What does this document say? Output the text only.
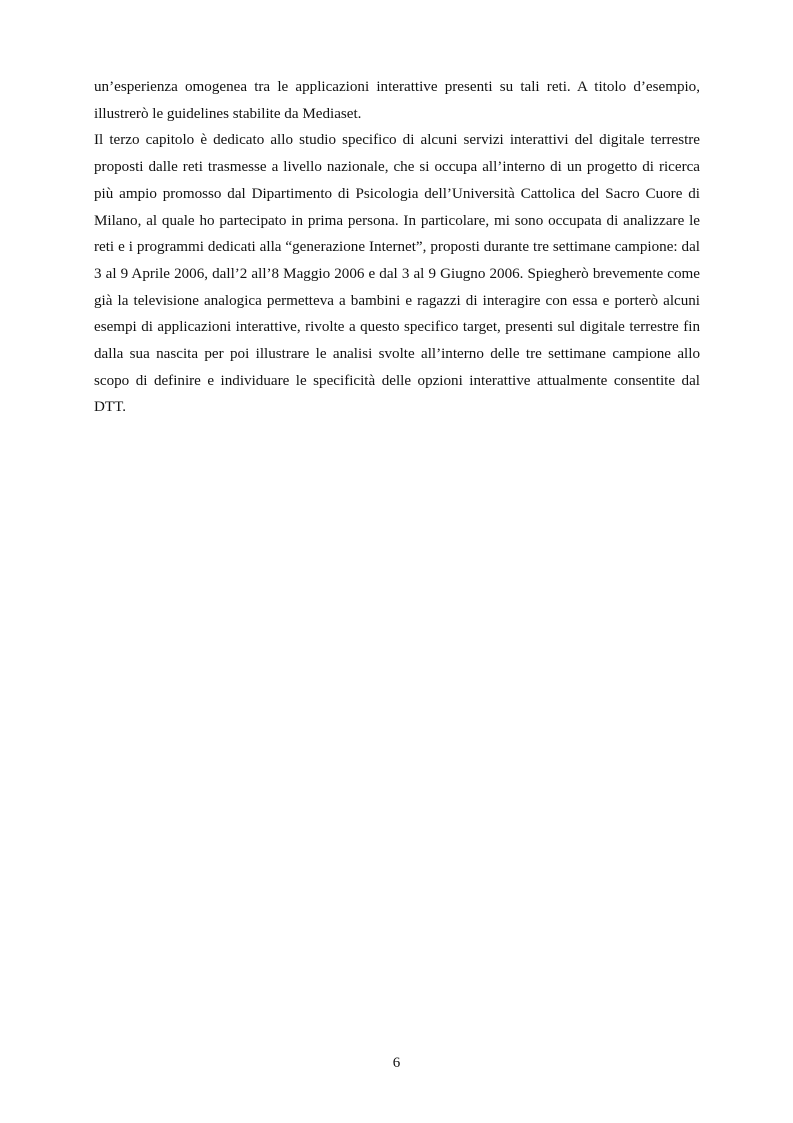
un’esperienza omogenea tra le applicazioni interattive presenti su tali reti. A titolo d’esempio, illustrerò le guidelines stabilite da Mediaset.

Il terzo capitolo è dedicato allo studio specifico di alcuni servizi interattivi del digitale terrestre proposti dalle reti trasmesse a livello nazionale, che si occupa all’interno di un progetto di ricerca più ampio promosso dal Dipartimento di Psicologia dell’Università Cattolica del Sacro Cuore di Milano, al quale ho partecipato in prima persona. In particolare, mi sono occupata di analizzare le reti e i programmi dedicati alla “generazione Internet”, proposti durante tre settimane campione: dal 3 al 9 Aprile 2006, dall’2 all’8 Maggio 2006 e dal 3 al 9 Giugno 2006. Spiegherò brevemente come già la televisione analogica permetteva a bambini e ragazzi di interagire con essa e porterò alcuni esempi di applicazioni interattive, rivolte a questo specifico target, presenti sul digitale terrestre fin dalla sua nascita per poi illustrare le analisi svolte all’interno delle tre settimane campione allo scopo di definire e individuare le specificità delle opzioni interattive attualmente consentite dal DTT.

6
